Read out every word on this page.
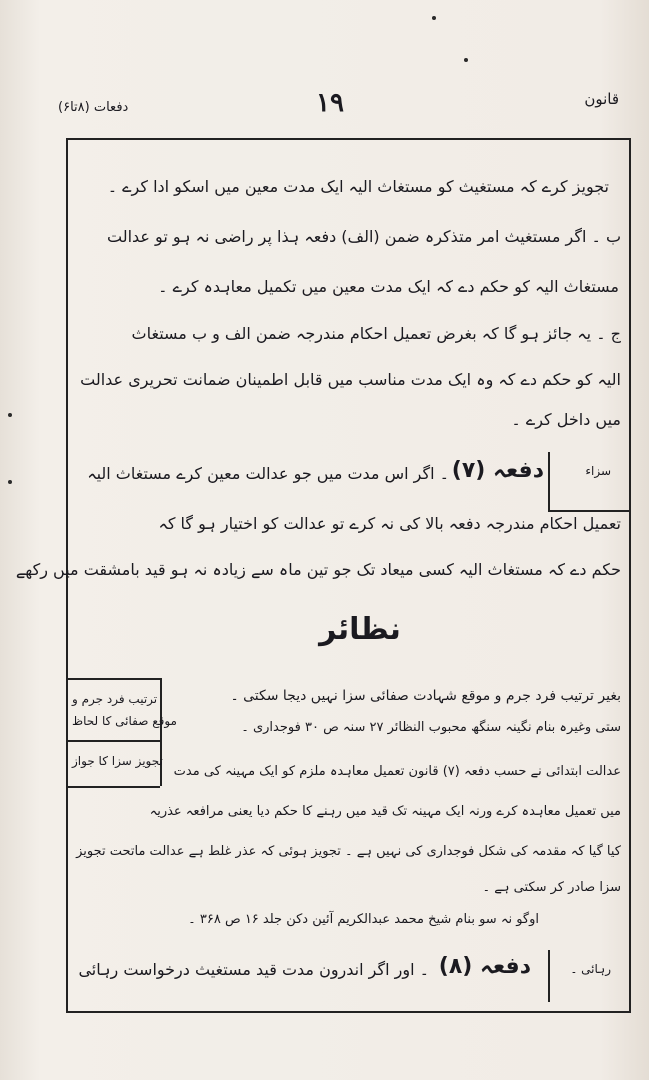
قانون
۱۹
دفعات (۸تا۶)
تجویز کرے کہ مستغیث کو مستغاث الیہ ایک مدت معین میں اسکو ادا کرے ۔
ب ۔ اگر مستغیث امر متذکرہ ضمن (الف) دفعہ ہذا پر راضی نہ ہو تو عدالت
مستغاث الیہ کو حکم دے کہ ایک مدت معین میں تکمیل معاہدہ کرے ۔
ج ۔ یہ جائز ہو گا کہ بغرض تعمیل احکام مندرجہ ضمن الف و ب مستغاث
الیہ کو حکم دے کہ وہ ایک مدت مناسب میں قابل اطمینان ضمانت تحریری عدالت
میں داخل کرے ۔
سزاء
دفعہ (۷)
۔ اگر اس مدت میں جو عدالت معین کرے مستغاث الیہ
تعمیل احکام مندرجہ دفعہ بالا کی نہ کرے تو عدالت کو اختیار ہو گا کہ
حکم دے کہ مستغاث الیہ کسی میعاد تک جو تین ماہ سے زیادہ نہ ہو قید بامشقت میں رکھے
نظائر
بغیر ترتیب فرد جرم و موقع شہادت صفائی سزا نہیں دیجا سکتی ۔
ستی وغیرہ بنام نگینہ سنگھ محبوب النظائر ۲۷ سنہ ص ۳۰ فوجداری ۔
عدالت ابتدائی نے حسب دفعہ (۷) قانون تعمیل معاہدہ ملزم کو ایک مہینہ کی مدت
میں تعمیل معاہدہ کرے ورنہ ایک مہینہ تک قید میں رہنے کا حکم دیا یعنی مرافعہ عذریہ
کیا گیا کہ مقدمہ کی شکل فوجداری کی نہیں ہے ۔ تجویز ہوئی کہ عذر غلط ہے عدالت ماتحت تجویز
سزا صادر کر سکتی ہے ۔
اوگو نہ سو بنام شیخ محمد عبدالکریم آئین دکن جلد ۱۶ ص ۳۶۸ ۔
ترتیب فرد جرم و
موقع صفائی کا لحاظ
تجویز سزا کا جواز
رہائی ۔
دفعہ (۸)
۔ اور اگر اندرون مدت قید مستغیث درخواست رہائی
